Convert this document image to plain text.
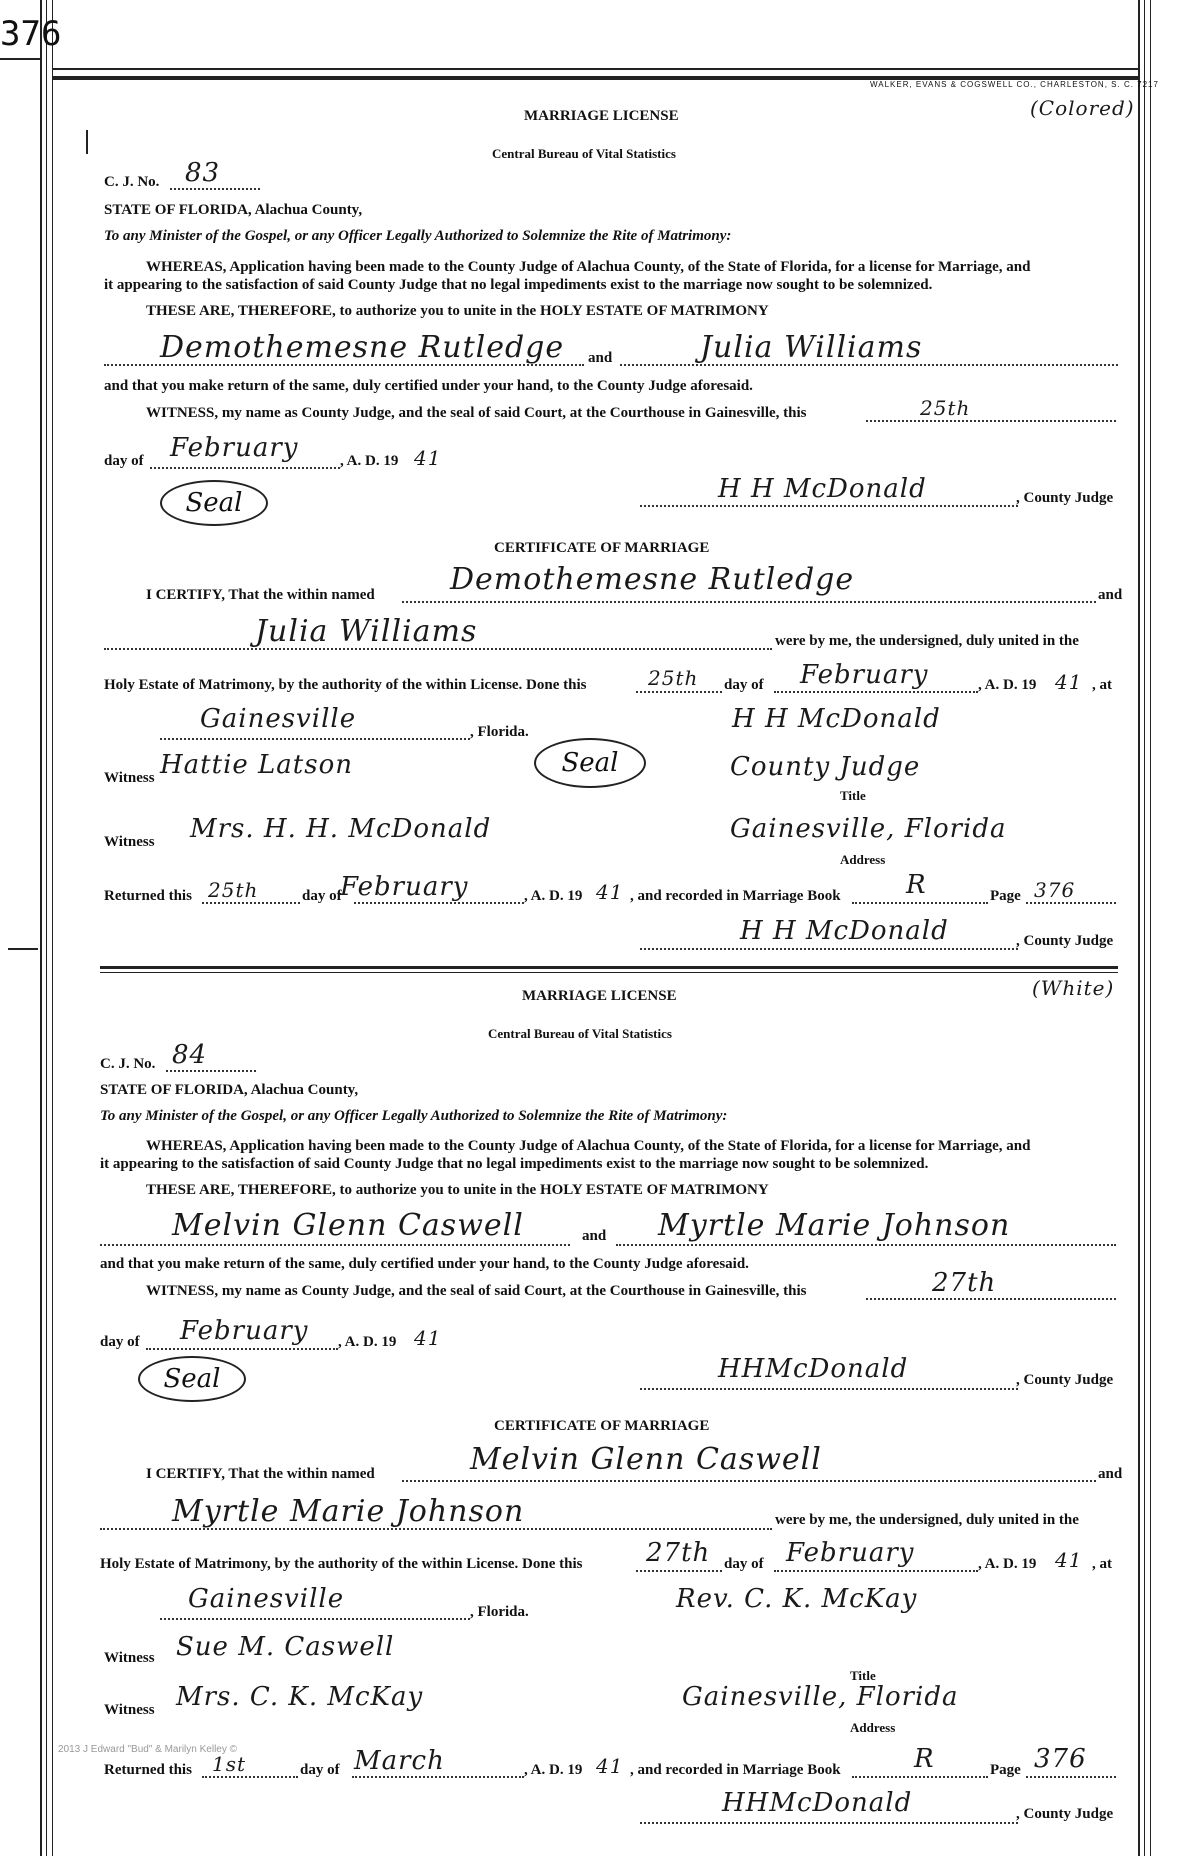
376
WALKER, EVANS & COGSWELL CO., CHARLESTON, S. C. 7217
MARRIAGE LICENSE	(Colored)
Central Bureau of Vital Statistics
C. J. No. 83
STATE OF FLORIDA, Alachua County,
To any Minister of the Gospel, or any Officer Legally Authorized to Solemnize the Rite of Matrimony:
WHEREAS, Application having been made to the County Judge of Alachua County, of the State of Florida, for a license for Marriage, and
it appearing to the satisfaction of said County Judge that no legal impediments exist to the marriage now sought to be solemnized.
THESE ARE, THEREFORE, to authorize you to unite in the HOLY ESTATE OF MATRIMONY
Demothemesne Rutledge and	Julia Williams
and that you make return of the same, duly certified under your hand, to the County Judge aforesaid.
WITNESS, my name as County Judge, and the seal of said Court, at the Courthouse in Gainesville, this	25th
day of February	, A. D. 19 41
Seal	H H McDonald	, County Judge
CERTIFICATE OF MARRIAGE
I CERTIFY, That the within named	Demothemesne Rutledge	and
Julia Williams	were by me, the undersigned, duly united in the
Holy Estate of Matrimony, by the authority of the within License. Done this	25th day of February	, A. D. 19 41 , at
Gainesville	, Florida.	H H McDonald
Seal
Witness Hattie Latson	County Judge
Title
Witness Mrs. H. H. McDonald	Gainesville, Florida
Address
Returned this 25th	day of
February	, A. D. 19 41 , and recorded in Marriage Book	R	Page 376
H H McDonald	, County Judge
MARRIAGE LICENSE	(White)
Central Bureau of Vital Statistics
C. J. No. 84
STATE OF FLORIDA, Alachua County,
To any Minister of the Gospel, or any Officer Legally Authorized to Solemnize the Rite of Matrimony:
WHEREAS, Application having been made to the County Judge of Alachua County, of the State of Florida, for a license for Marriage, and
it appearing to the satisfaction of said County Judge that no legal impediments exist to the marriage now sought to be solemnized.
THESE ARE, THEREFORE, to authorize you to unite in the HOLY ESTATE OF MATRIMONY
Melvin Glenn Caswell	and Myrtle Marie Johnson
and that you make return of the same, duly certified under your hand, to the County Judge aforesaid.
WITNESS, my name as County Judge, and the seal of said Court, at the Courthouse in Gainesville, this	27th
day of February , A. D. 19 41
Seal	HHMcDonald	, County Judge
CERTIFICATE OF MARRIAGE
I CERTIFY, That the within named	Melvin Glenn Caswell	and
Myrtle Marie Johnson	were by me, the undersigned, duly united in the
Holy Estate of Matrimony, by the authority of the within License. Done this 27th day of February	, A. D. 19 41 , at
Gainesville	, Florida.	Rev. C. K. McKay
Witness Sue M. Caswell
Title
Witness Mrs. C. K. McKay	Gainesville, Florida
Address
2013 J Edward "Bud" & Marilyn Kelley ©
Returned this 1st	day of March	, A. D. 19 41 , and recorded in Marriage Book	R	Page 376
HHMcDonald	, County Judge
